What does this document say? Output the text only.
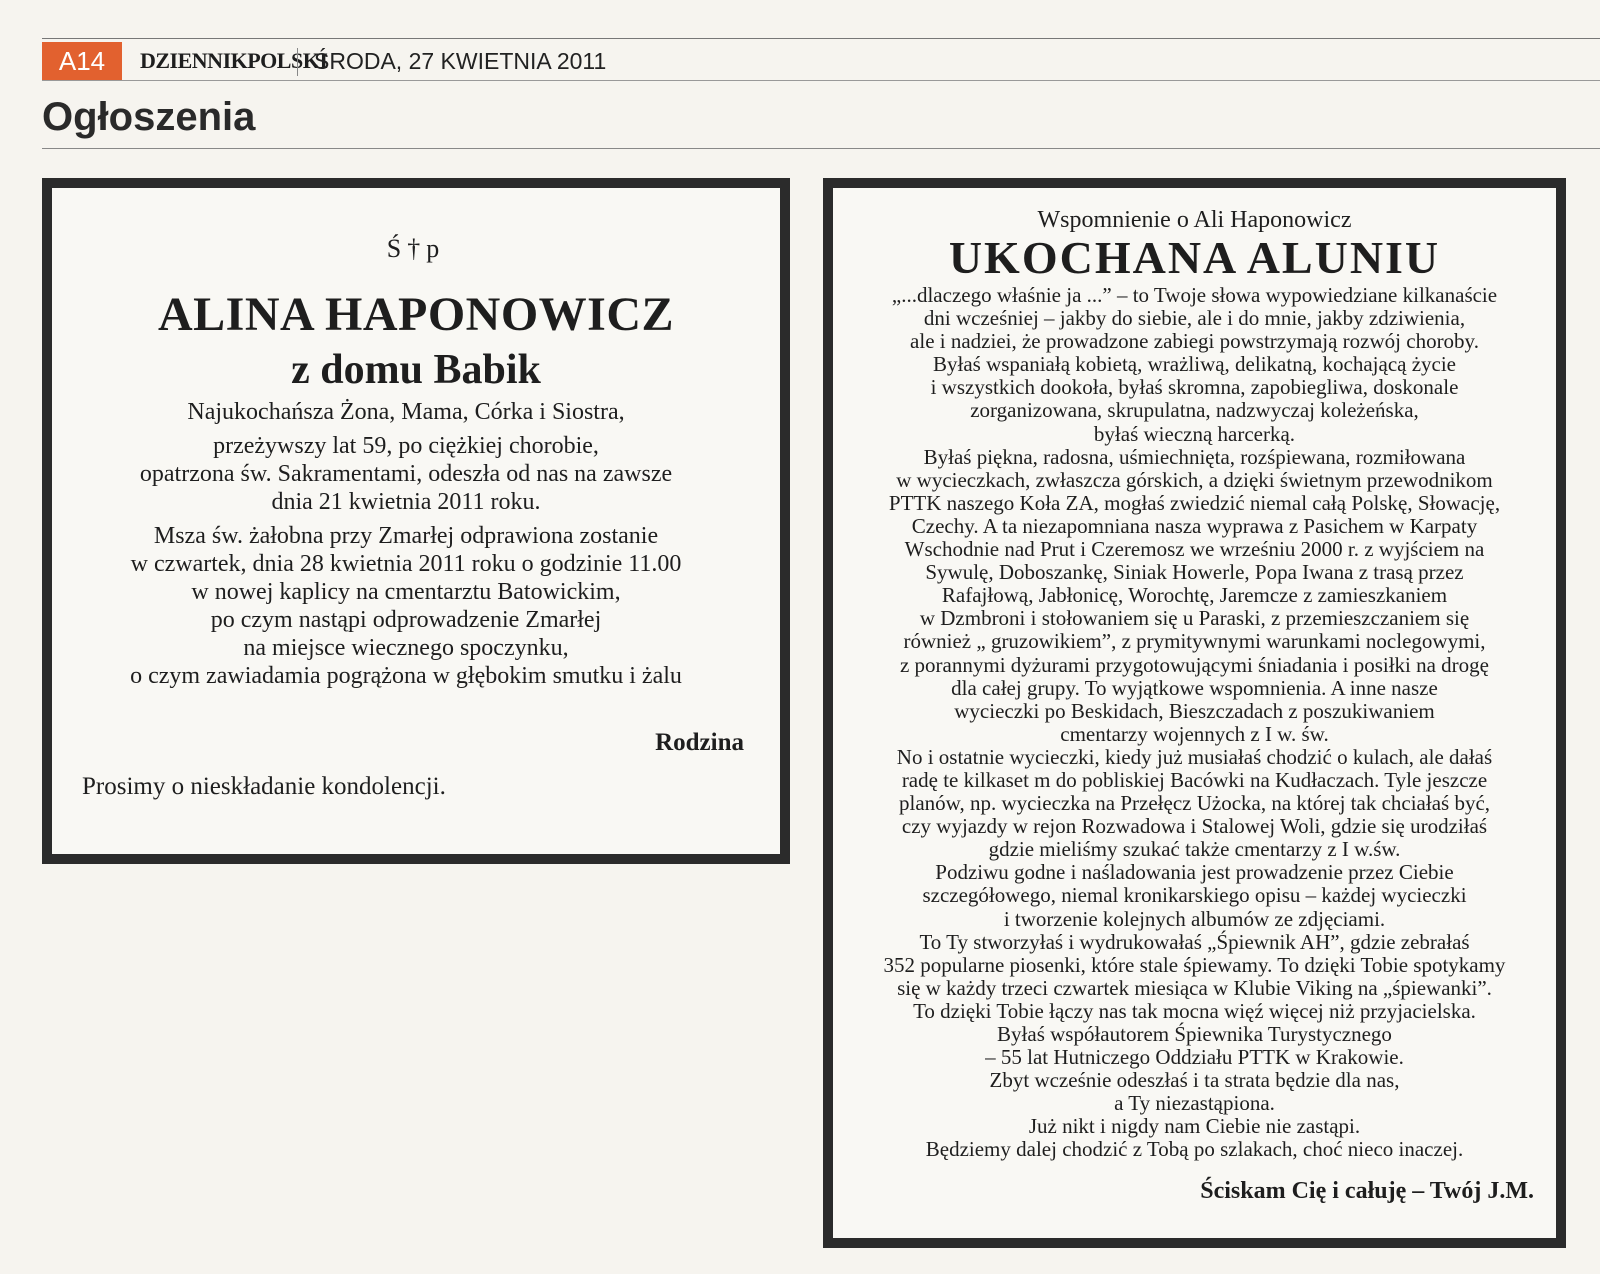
A14	DZIENNIKPOLSKI
ŚRODA, 27 KWIETNIA 2011
Ogłoszenia
Ś†p
ALINA HAPONOWICZ
z domu Babik
Najukochańsza Żona, Mama, Córka i Siostra,
przeżywszy lat 59, po ciężkiej chorobie,
opatrzona św. Sakramentami, odeszła od nas na zawsze
dnia 21 kwietnia 2011 roku.
Msza św. żałobna przy Zmarłej odprawiona zostanie
w czwartek, dnia 28 kwietnia 2011 roku o godzinie 11.00
w nowej kaplicy na cmentarztu Batowickim,
po czym nastąpi odprowadzenie Zmarłej
na miejsce wiecznego spoczynku,
o czym zawiadamia pogrążona w głębokim smutku i żalu
Rodzina
Prosimy o nieskładanie kondolencji.
Wspomnienie o Ali Haponowicz
UKOCHANA ALUNIU
„...dlaczego właśnie ja ...” – to Twoje słowa wypowiedziane kilkanaście
dni wcześniej – jakby do siebie, ale i do mnie, jakby zdziwienia,
ale i nadziei, że prowadzone zabiegi powstrzymają rozwój choroby.
Byłaś wspaniałą kobietą, wrażliwą, delikatną, kochającą życie
i wszystkich dookoła, byłaś skromna, zapobiegliwa, doskonale
zorganizowana, skrupulatna, nadzwyczaj koleżeńska,
byłaś wieczną harcerką.
Byłaś piękna, radosna, uśmiechnięta, rozśpiewana, rozmiłowana
w wycieczkach, zwłaszcza górskich, a dzięki świetnym przewodnikom
PTTK naszego Koła ZA, mogłaś zwiedzić niemal całą Polskę, Słowację,
Czechy. A ta niezapomniana nasza wyprawa z Pasichem w Karpaty
Wschodnie nad Prut i Czeremosz we wrześniu 2000 r. z wyjściem na
Sywulę, Doboszankę, Siniak Howerle, Popa Iwana z trasą przez
Rafajłową, Jabłonicę, Worochtę, Jaremcze z zamieszkaniem
w Dzmbroni i stołowaniem się u Paraski, z przemieszczaniem się
również „ gruzowikiem”, z prymitywnymi warunkami noclegowymi,
z porannymi dyżurami przygotowującymi śniadania i posiłki na drogę
dla całej grupy. To wyjątkowe wspomnienia. A inne nasze
wycieczki po Beskidach, Bieszczadach z poszukiwaniem
cmentarzy wojennych z I w. św.
No i ostatnie wycieczki, kiedy już musiałaś chodzić o kulach, ale dałaś
radę te kilkaset m do pobliskiej Bacówki na Kudłaczach. Tyle jeszcze
planów, np. wycieczka na Przełęcz Użocka, na której tak chciałaś być,
czy wyjazdy w rejon Rozwadowa i Stalowej Woli, gdzie się urodziłaś
gdzie mieliśmy szukać także cmentarzy z I w.św.
Podziwu godne i naśladowania jest prowadzenie przez Ciebie
szczegółowego, niemal kronikarskiego opisu – każdej wycieczki
i tworzenie kolejnych albumów ze zdjęciami.
To Ty stworzyłaś i wydrukowałaś „Śpiewnik AH”, gdzie zebrałaś
352 popularne piosenki, które stale śpiewamy. To dzięki Tobie spotykamy
się w każdy trzeci czwartek miesiąca w Klubie Viking na „śpiewanki”.
To dzięki Tobie łączy nas tak mocna więź więcej niż przyjacielska.
Byłaś współautorem Śpiewnika Turystycznego
– 55 lat Hutniczego Oddziału PTTK w Krakowie.
Zbyt wcześnie odeszłaś i ta strata będzie dla nas,
a Ty niezastąpiona.
Już nikt i nigdy nam Ciebie nie zastąpi.
Będziemy dalej chodzić z Tobą po szlakach, choć nieco inaczej.
Ściskam Cię i całuję – Twój J.M.
